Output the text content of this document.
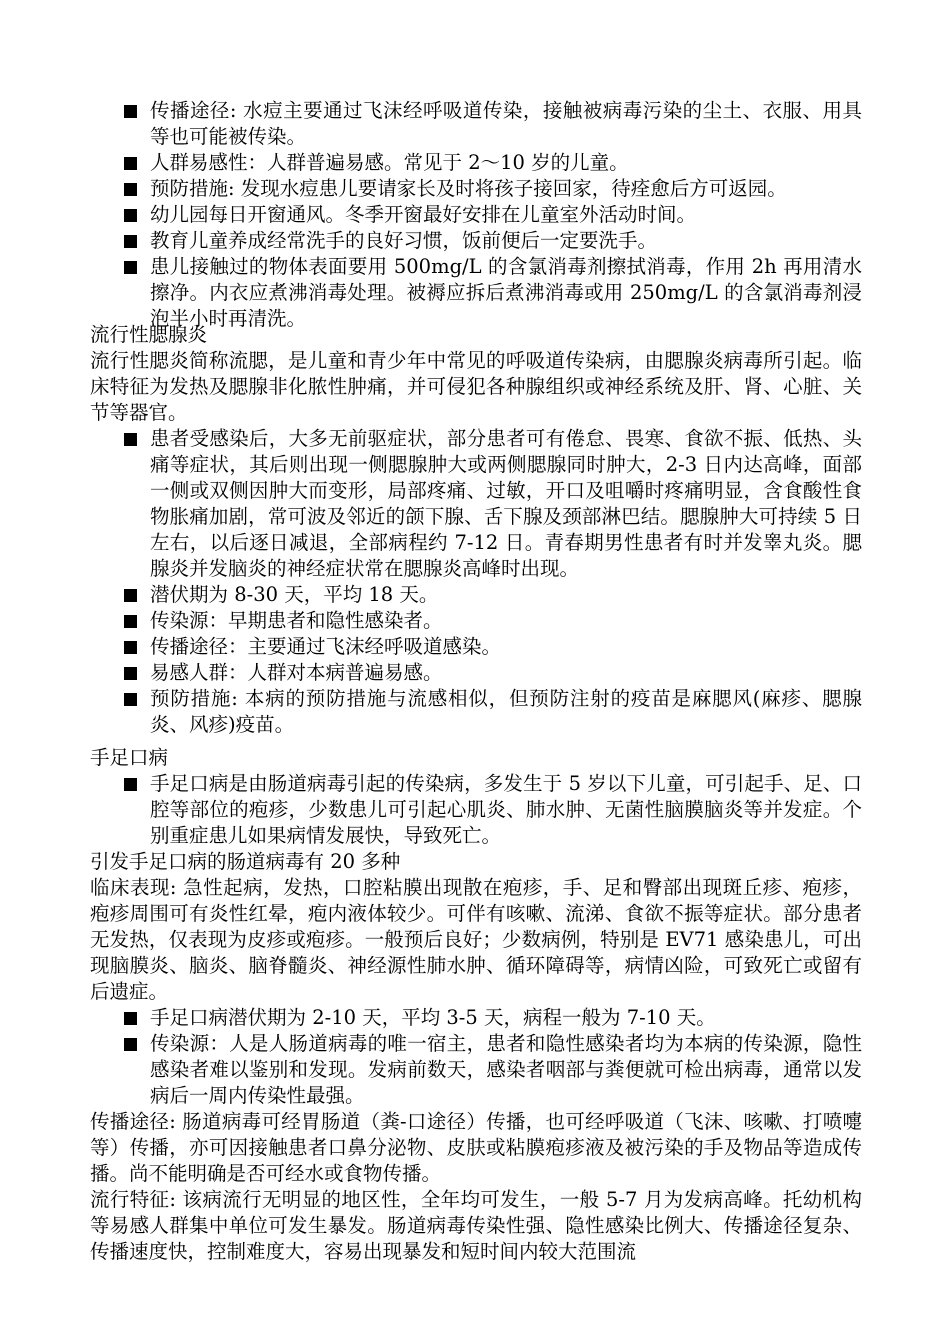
传播途径: 水痘主要通过飞沫经呼吸道传染，接触被病毒污染的尘土、衣服、用具等也可能被传染。
人群易感性：人群普遍易感。常见于 2～10 岁的儿童。
预防措施: 发现水痘患儿要请家长及时将孩子接回家，待痊愈后方可返园。
幼儿园每日开窗通风。冬季开窗最好安排在儿童室外活动时间。
教育儿童养成经常洗手的良好习惯，饭前便后一定要洗手。
患儿接触过的物体表面要用 500mg/L 的含氯消毒剂擦拭消毒，作用 2h 再用清水擦净。内衣应煮沸消毒处理。被褥应拆后煮沸消毒或用 250mg/L 的含氯消毒剂浸泡半小时再清洗。

流行性腮腺炎

流行性腮炎简称流腮，是儿童和青少年中常见的呼吸道传染病，由腮腺炎病毒所引起。临床特征为发热及腮腺非化脓性肿痛，并可侵犯各种腺组织或神经系统及肝、肾、心脏、关节等器官。

患者受感染后，大多无前驱症状，部分患者可有倦怠、畏寒、食欲不振、低热、头痛等症状，其后则出现一侧腮腺肿大或两侧腮腺同时肿大，2-3 日内达高峰，面部一侧或双侧因肿大而变形，局部疼痛、过敏，开口及咀嚼时疼痛明显，含食酸性食物胀痛加剧，常可波及邻近的颌下腺、舌下腺及颈部淋巴结。腮腺肿大可持续 5 日左右，以后逐日减退，全部病程约 7-12 日。青春期男性患者有时并发睾丸炎。腮腺炎并发脑炎的神经症状常在腮腺炎高峰时出现。
潜伏期为 8-30 天，平均 18 天。
传染源：早期患者和隐性感染者。
传播途径：主要通过飞沫经呼吸道感染。
易感人群：人群对本病普遍易感。
预防措施: 本病的预防措施与流感相似，但预防注射的疫苗是麻腮风(麻疹、腮腺炎、风疹)疫苗。

手足口病

手足口病是由肠道病毒引起的传染病，多发生于 5 岁以下儿童，可引起手、足、口腔等部位的疱疹，少数患儿可引起心肌炎、肺水肿、无菌性脑膜脑炎等并发症。个别重症患儿如果病情发展快，导致死亡。

引发手足口病的肠道病毒有 20 多种

临床表现: 急性起病，发热，口腔粘膜出现散在疱疹，手、足和臀部出现斑丘疹、疱疹，疱疹周围可有炎性红晕，疱内液体较少。可伴有咳嗽、流涕、食欲不振等症状。部分患者无发热，仅表现为皮疹或疱疹。一般预后良好；少数病例，特别是 EV71 感染患儿，可出现脑膜炎、脑炎、脑脊髓炎、神经源性肺水肿、循环障碍等，病情凶险，可致死亡或留有后遗症。

手足口病潜伏期为 2-10 天，平均 3-5 天，病程一般为 7-10 天。
传染源：人是人肠道病毒的唯一宿主，患者和隐性感染者均为本病的传染源，隐性感染者难以鉴别和发现。发病前数天，感染者咽部与粪便就可检出病毒，通常以发病后一周内传染性最强。

传播途径: 肠道病毒可经胃肠道（粪-口途径）传播，也可经呼吸道（飞沫、咳嗽、打喷嚏等）传播，亦可因接触患者口鼻分泌物、皮肤或粘膜疱疹液及被污染的手及物品等造成传播。尚不能明确是否可经水或食物传播。

流行特征: 该病流行无明显的地区性，全年均可发生，一般 5-7 月为发病高峰。托幼机构等易感人群集中单位可发生暴发。肠道病毒传染性强、隐性感染比例大、传播途径复杂、传播速度快，控制难度大，容易出现暴发和短时间内较大范围流
